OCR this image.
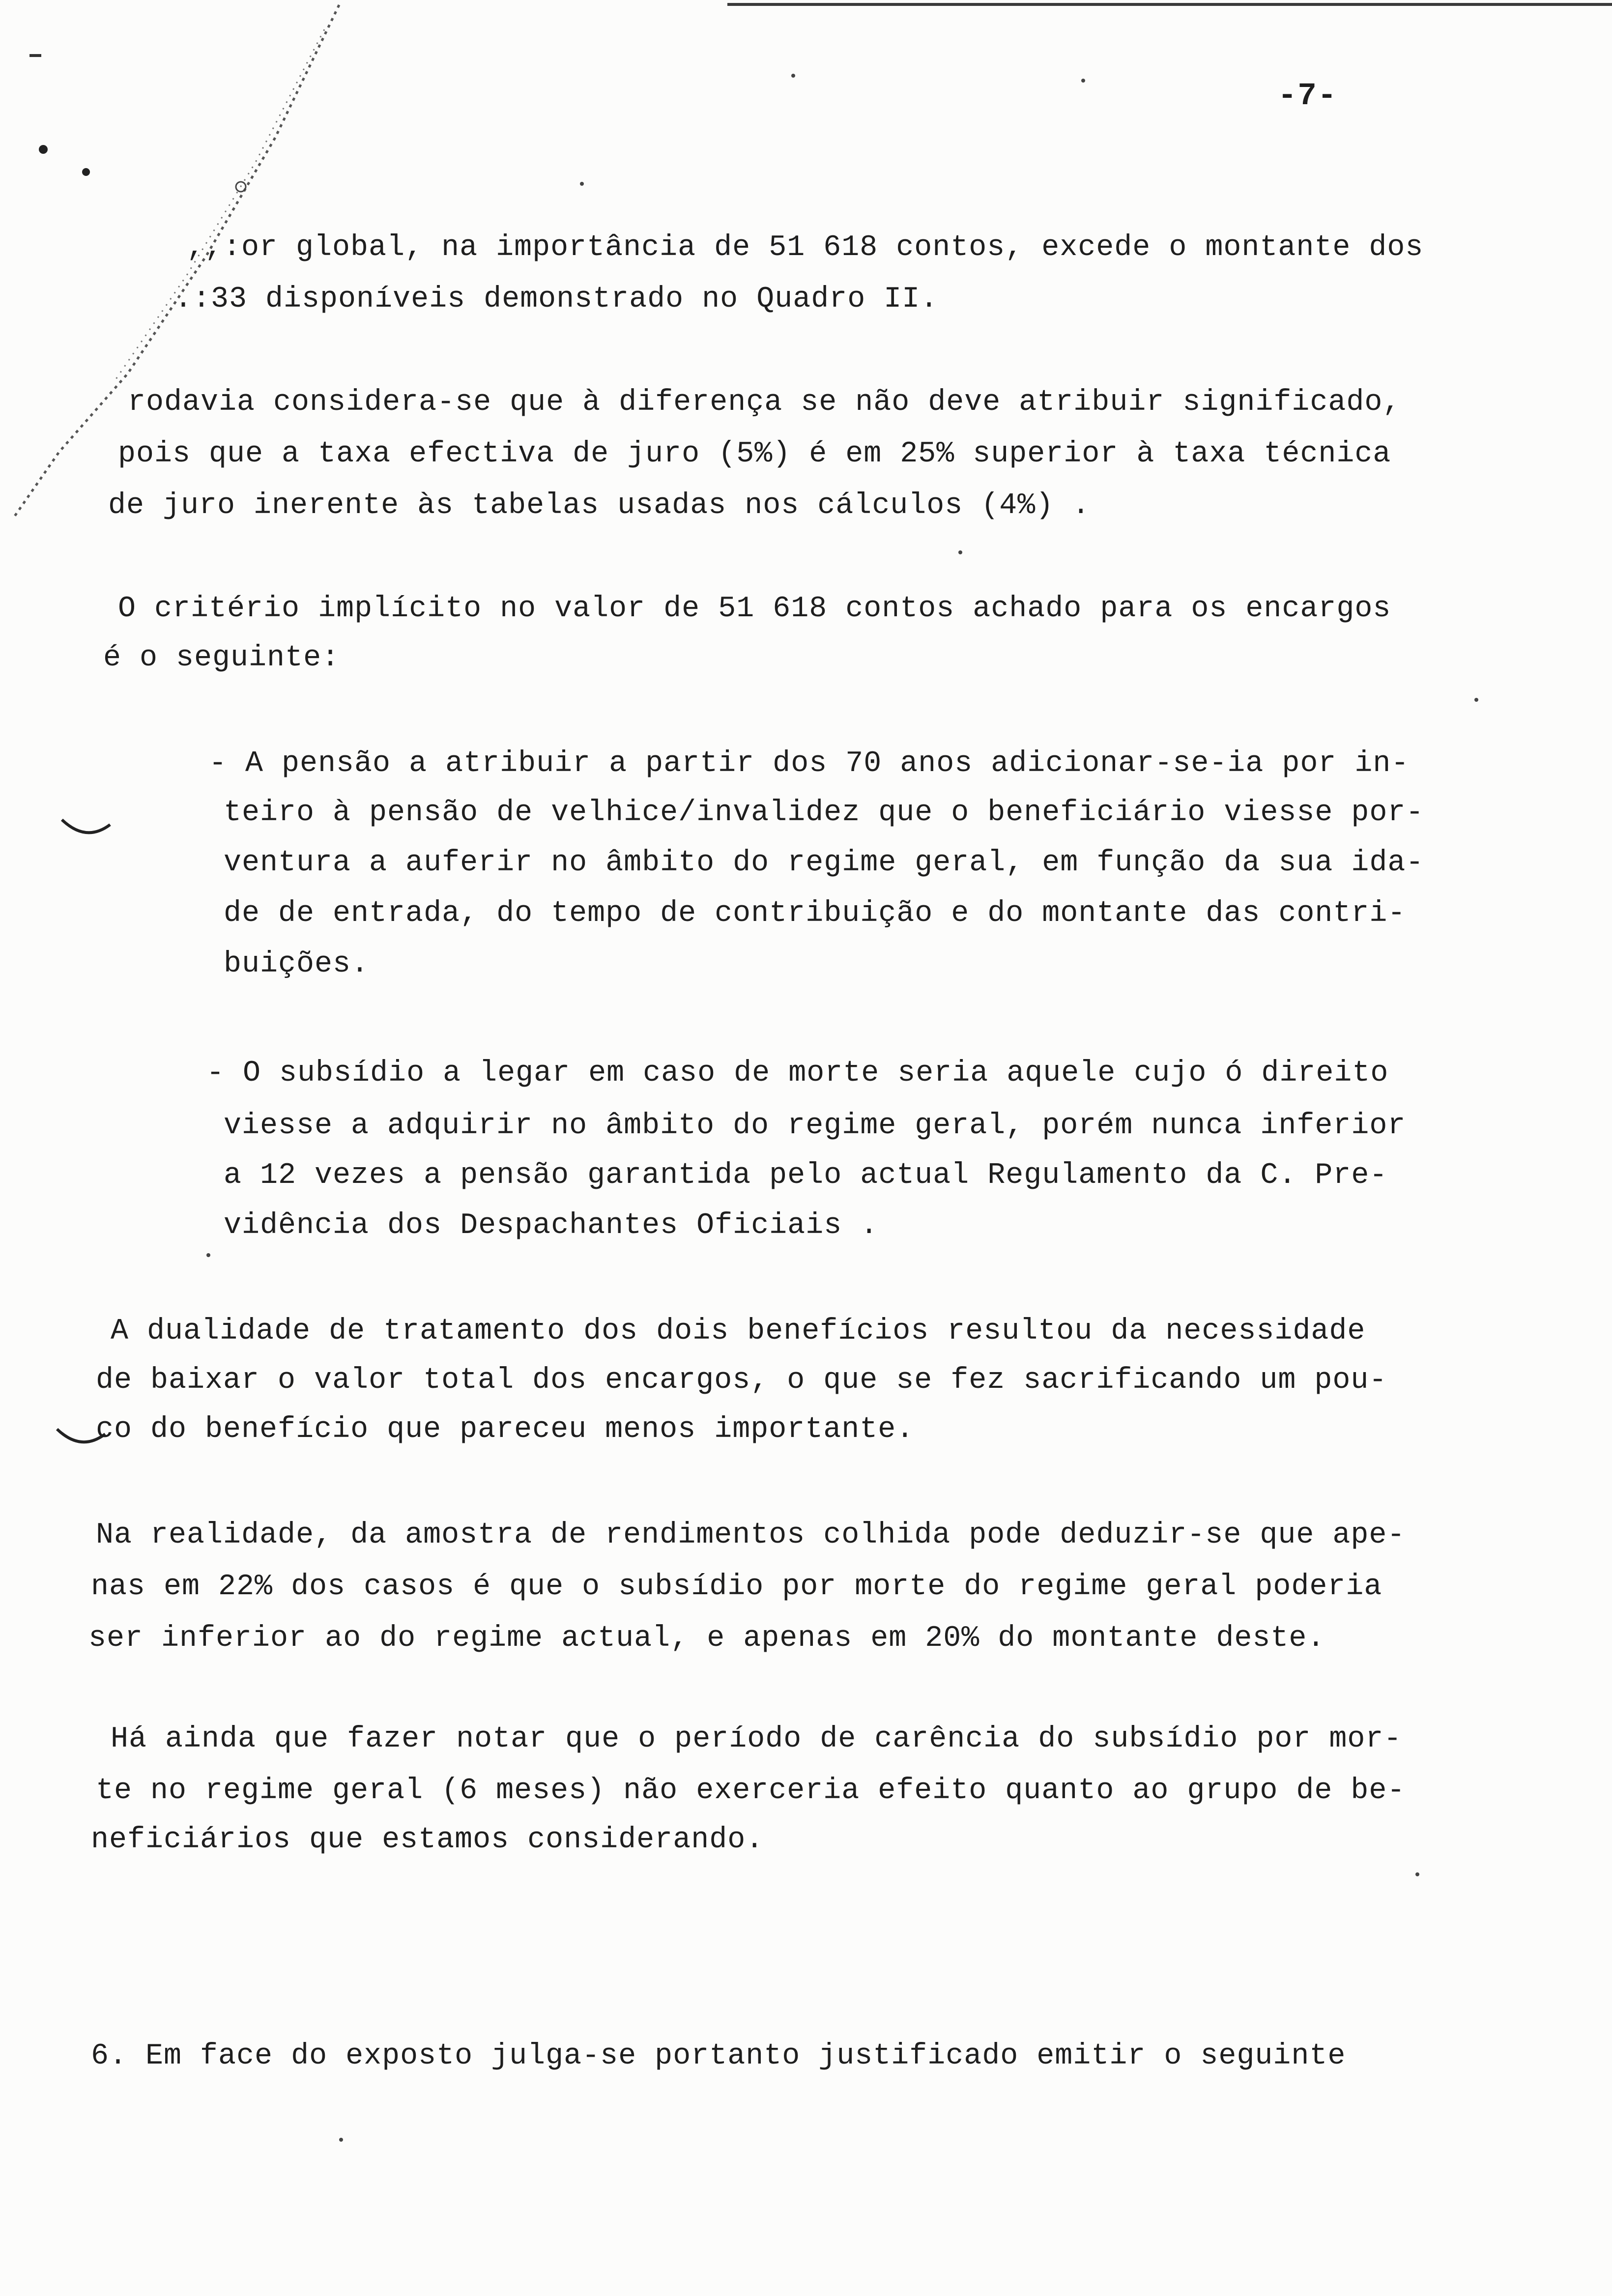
-7-
,,:or global, na importância de 51 618 contos, excede o montante dos
.:33 disponíveis demonstrado no Quadro II.
rodavia considera-se que à diferença se não deve atribuir significado,
pois que a taxa efectiva de juro (5%) é em 25% superior à taxa técnica
de juro inerente às tabelas usadas nos cálculos (4%) .
O critério implícito no valor de 51 618 contos achado para os encargos
é o seguinte:
- A pensão a atribuir a partir dos 70 anos adicionar-se-ia por in-
teiro à pensão de velhice/invalidez que o beneficiário viesse por-
ventura a auferir no âmbito do regime geral, em função da sua ida-
de de entrada, do tempo de contribuição e do montante das contri-
buições.
- O subsídio a legar em caso de morte seria aquele cujo ó direito
viesse a adquirir no âmbito do regime geral, porém nunca inferior
a 12 vezes a pensão garantida pelo actual Regulamento da C. Pre-
vidência dos Despachantes Oficiais .
A dualidade de tratamento dos dois benefícios resultou da necessidade
de baixar o valor total dos encargos, o que se fez sacrificando um pou-
co do benefício que pareceu menos importante.
Na realidade, da amostra de rendimentos colhida pode deduzir-se que ape-
nas em 22% dos casos é que o subsídio por morte do regime geral poderia
ser inferior ao do regime actual, e apenas em 20% do montante deste.
Há ainda que fazer notar que o período de carência do subsídio por mor-
te no regime geral (6 meses) não exerceria efeito quanto ao grupo de be-
neficiários que estamos considerando.
6. Em face do exposto julga-se portanto justificado emitir o seguinte
